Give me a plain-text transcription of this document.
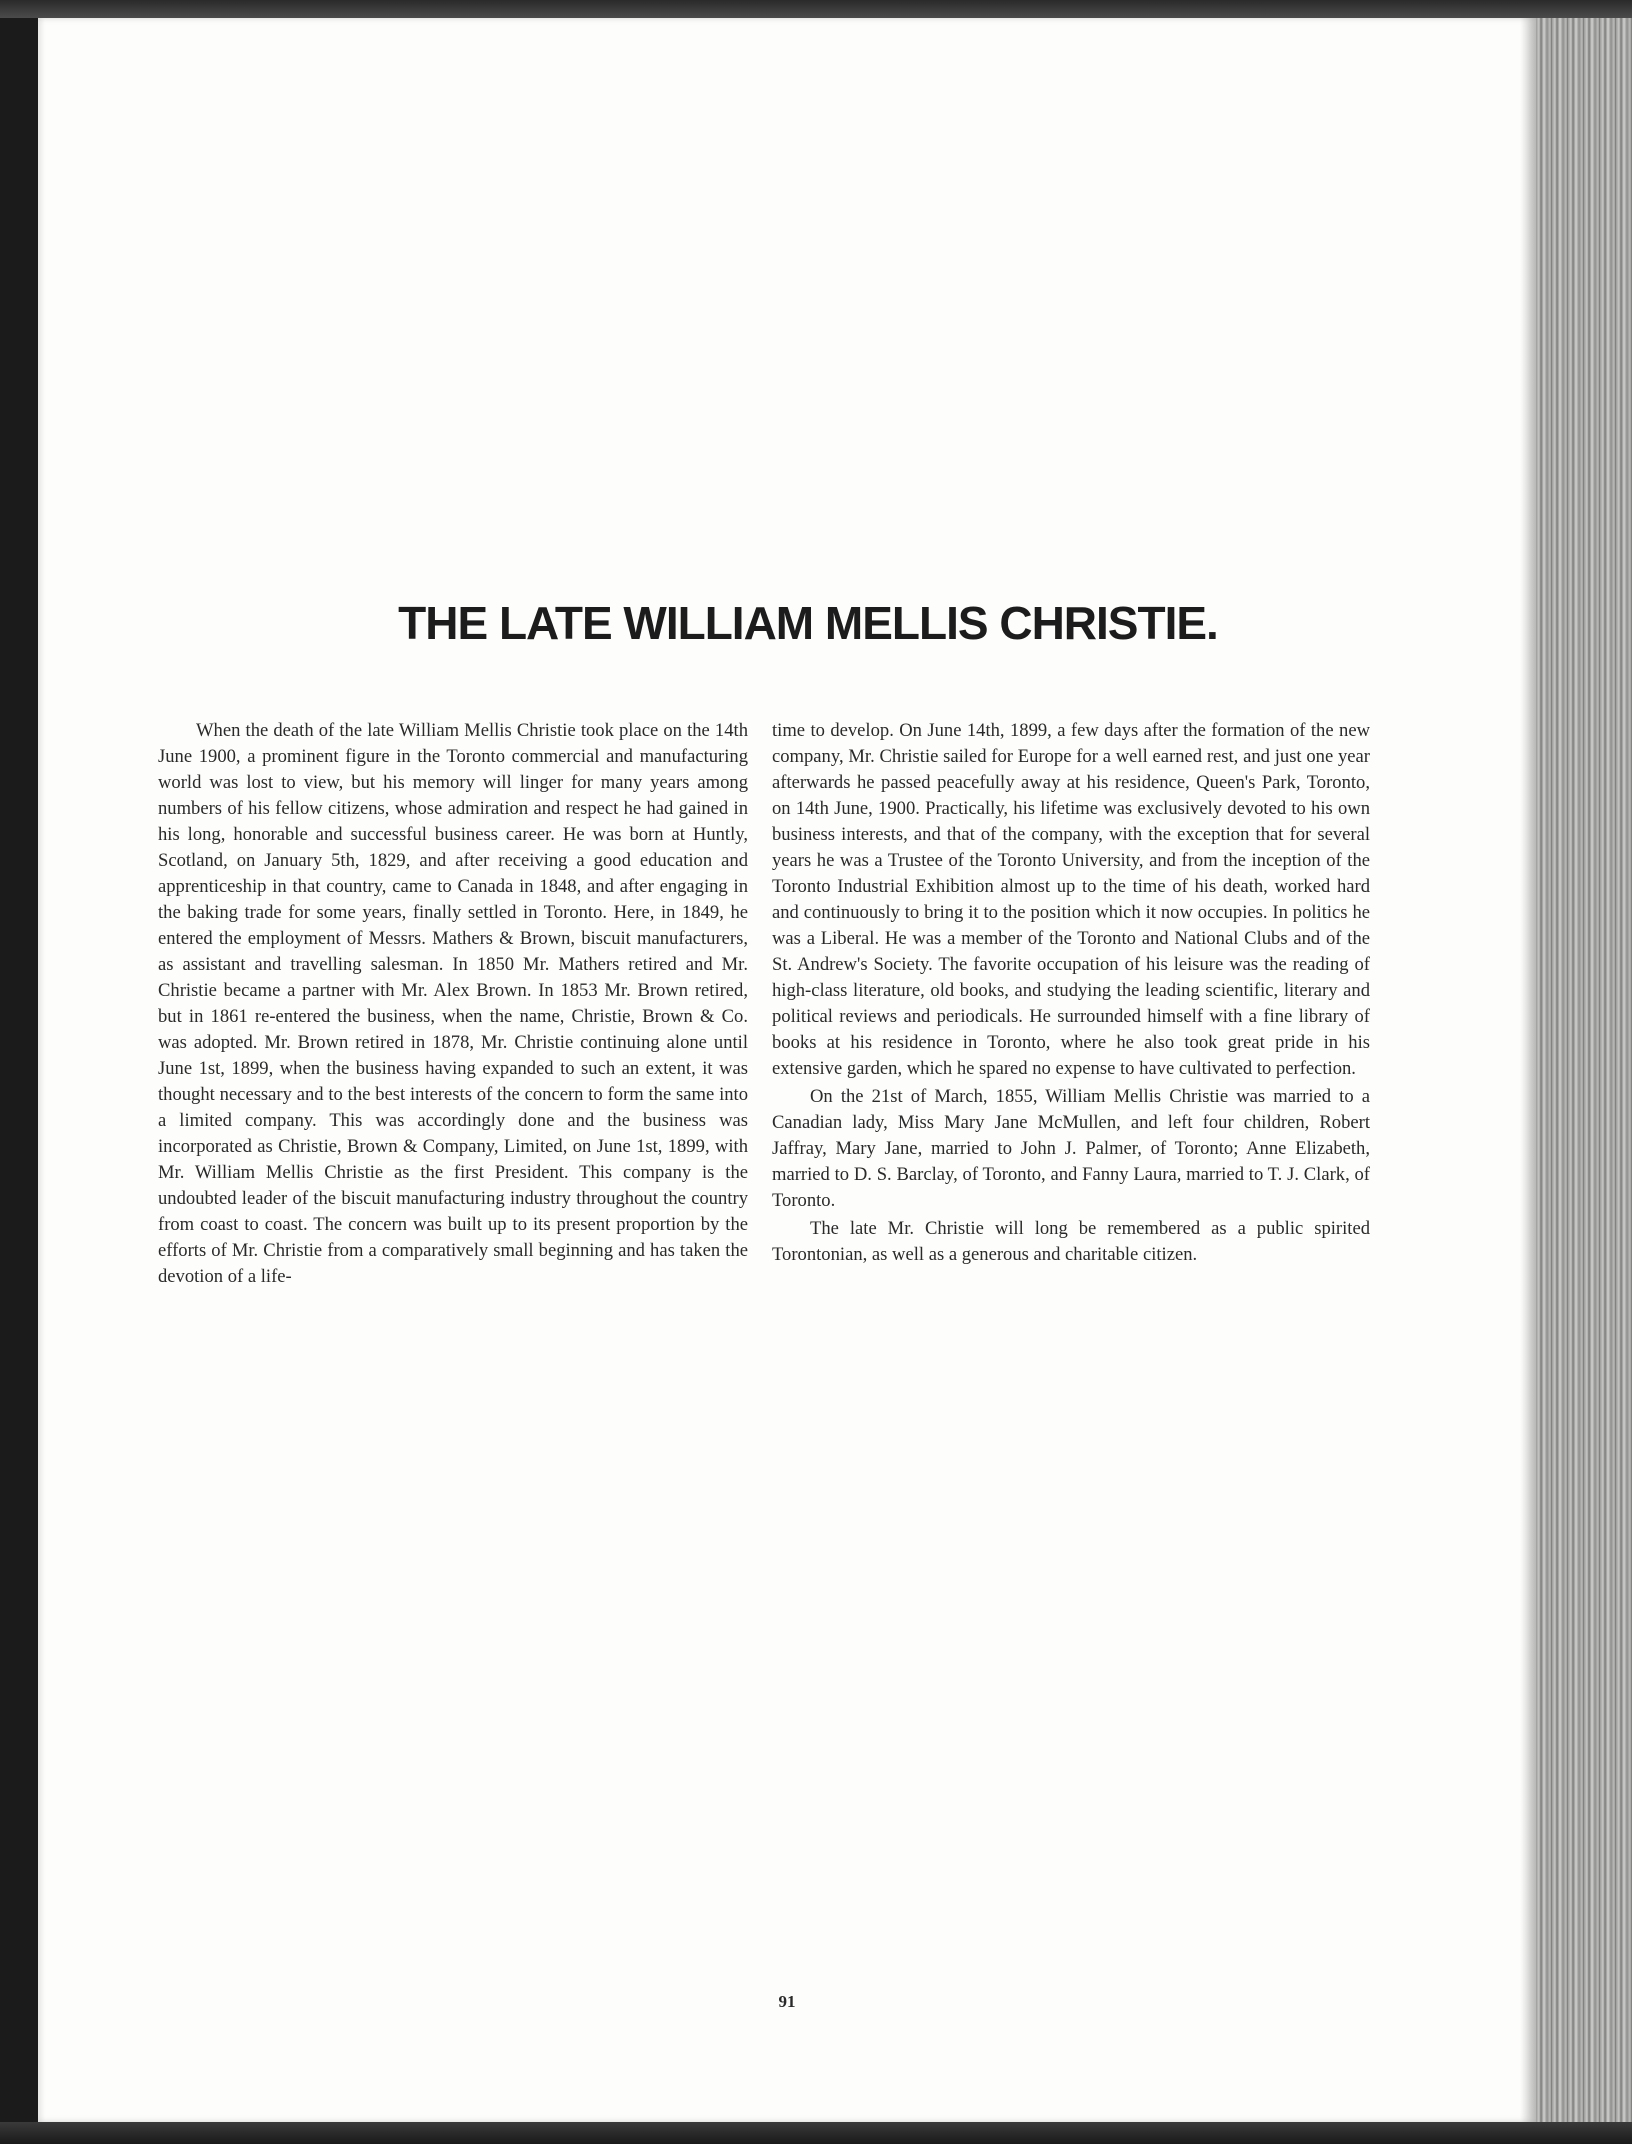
THE LATE WILLIAM MELLIS CHRISTIE.

When the death of the late William Mellis Christie took place on the 14th June 1900, a prominent figure in the Toronto commercial and manufacturing world was lost to view, but his memory will linger for many years among numbers of his fellow citizens, whose admiration and respect he had gained in his long, honorable and successful business career. He was born at Huntly, Scotland, on January 5th, 1829, and after receiving a good education and apprenticeship in that country, came to Canada in 1848, and after engaging in the baking trade for some years, finally settled in Toronto. Here, in 1849, he entered the employment of Messrs. Mathers & Brown, biscuit manufacturers, as assistant and travelling salesman. In 1850 Mr. Mathers retired and Mr. Christie became a partner with Mr. Alex Brown. In 1853 Mr. Brown retired, but in 1861 re-entered the business, when the name, Christie, Brown & Co. was adopted. Mr. Brown retired in 1878, Mr. Christie continuing alone until June 1st, 1899, when the business having expanded to such an extent, it was thought necessary and to the best interests of the concern to form the same into a limited company. This was accordingly done and the business was incorporated as Christie, Brown & Company, Limited, on June 1st, 1899, with Mr. William Mellis Christie as the first President. This company is the undoubted leader of the biscuit manufacturing industry throughout the country from coast to coast. The concern was built up to its present proportion by the efforts of Mr. Christie from a comparatively small beginning and has taken the devotion of a life-

time to develop. On June 14th, 1899, a few days after the formation of the new company, Mr. Christie sailed for Europe for a well earned rest, and just one year afterwards he passed peacefully away at his residence, Queen's Park, Toronto, on 14th June, 1900. Practically, his lifetime was exclusively devoted to his own business interests, and that of the company, with the exception that for several years he was a Trustee of the Toronto University, and from the inception of the Toronto Industrial Exhibition almost up to the time of his death, worked hard and continuously to bring it to the position which it now occupies. In politics he was a Liberal. He was a member of the Toronto and National Clubs and of the St. Andrew's Society. The favorite occupation of his leisure was the reading of high-class literature, old books, and studying the leading scientific, literary and political reviews and periodicals. He surrounded himself with a fine library of books at his residence in Toronto, where he also took great pride in his extensive garden, which he spared no expense to have cultivated to perfection.

On the 21st of March, 1855, William Mellis Christie was married to a Canadian lady, Miss Mary Jane McMullen, and left four children, Robert Jaffray, Mary Jane, married to John J. Palmer, of Toronto; Anne Elizabeth, married to D. S. Barclay, of Toronto, and Fanny Laura, married to T. J. Clark, of Toronto.

The late Mr. Christie will long be remembered as a public spirited Torontonian, as well as a generous and charitable citizen.

91
